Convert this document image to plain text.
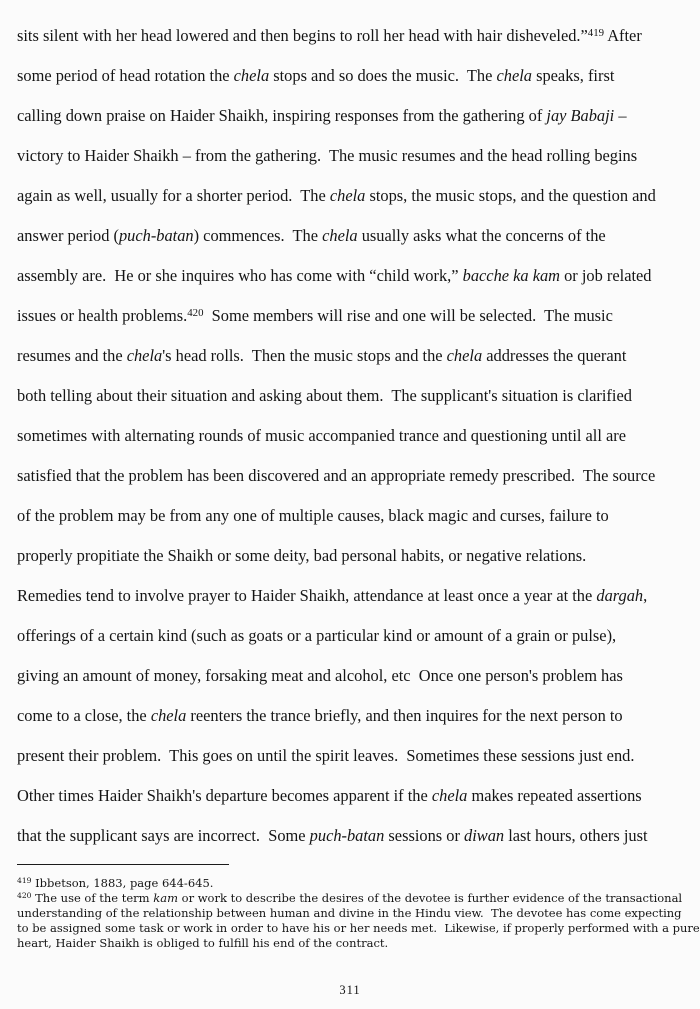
sits silent with her head lowered and then begins to roll her head with hair disheveled.”$^{419}$ After
some period of head rotation the chela stops and so does the music.  The chela speaks, first
calling down praise on Haider Shaikh, inspiring responses from the gathering of jay Babaji –
victory to Haider Shaikh – from the gathering.  The music resumes and the head rolling begins
again as well, usually for a shorter period.  The chela stops, the music stops, and the question and
answer period (puch-batan) commences.  The chela usually asks what the concerns of the
assembly are.  He or she inquires who has come with “child work,” bacche ka kam or job related
issues or health problems.$^{420}$  Some members will rise and one will be selected.  The music
resumes and the chela's head rolls.  Then the music stops and the chela addresses the querant
both telling about their situation and asking about them.  The supplicant's situation is clarified
sometimes with alternating rounds of music accompanied trance and questioning until all are
satisfied that the problem has been discovered and an appropriate remedy prescribed.  The source
of the problem may be from any one of multiple causes, black magic and curses, failure to
properly propitiate the Shaikh or some deity, bad personal habits, or negative relations.
Remedies tend to involve prayer to Haider Shaikh, attendance at least once a year at the dargah,
offerings of a certain kind (such as goats or a particular kind or amount of a grain or pulse),
giving an amount of money, forsaking meat and alcohol, etc  Once one person's problem has
come to a close, the chela reenters the trance briefly, and then inquires for the next person to
present their problem.  This goes on until the spirit leaves.  Sometimes these sessions just end.
Other times Haider Shaikh's departure becomes apparent if the chela makes repeated assertions
that the supplicant says are incorrect.  Some puch-batan sessions or diwan last hours, others just
$^{419}$ Ibbetson, 1883, page 644-645.
$^{420}$ The use of the term kam or work to describe the desires of the devotee is further evidence of the transactional
understanding of the relationship between human and divine in the Hindu view.  The devotee has come expecting
to be assigned some task or work in order to have his or her needs met.  Likewise, if properly performed with a pure
heart, Haider Shaikh is obliged to fulfill his end of the contract.
311
